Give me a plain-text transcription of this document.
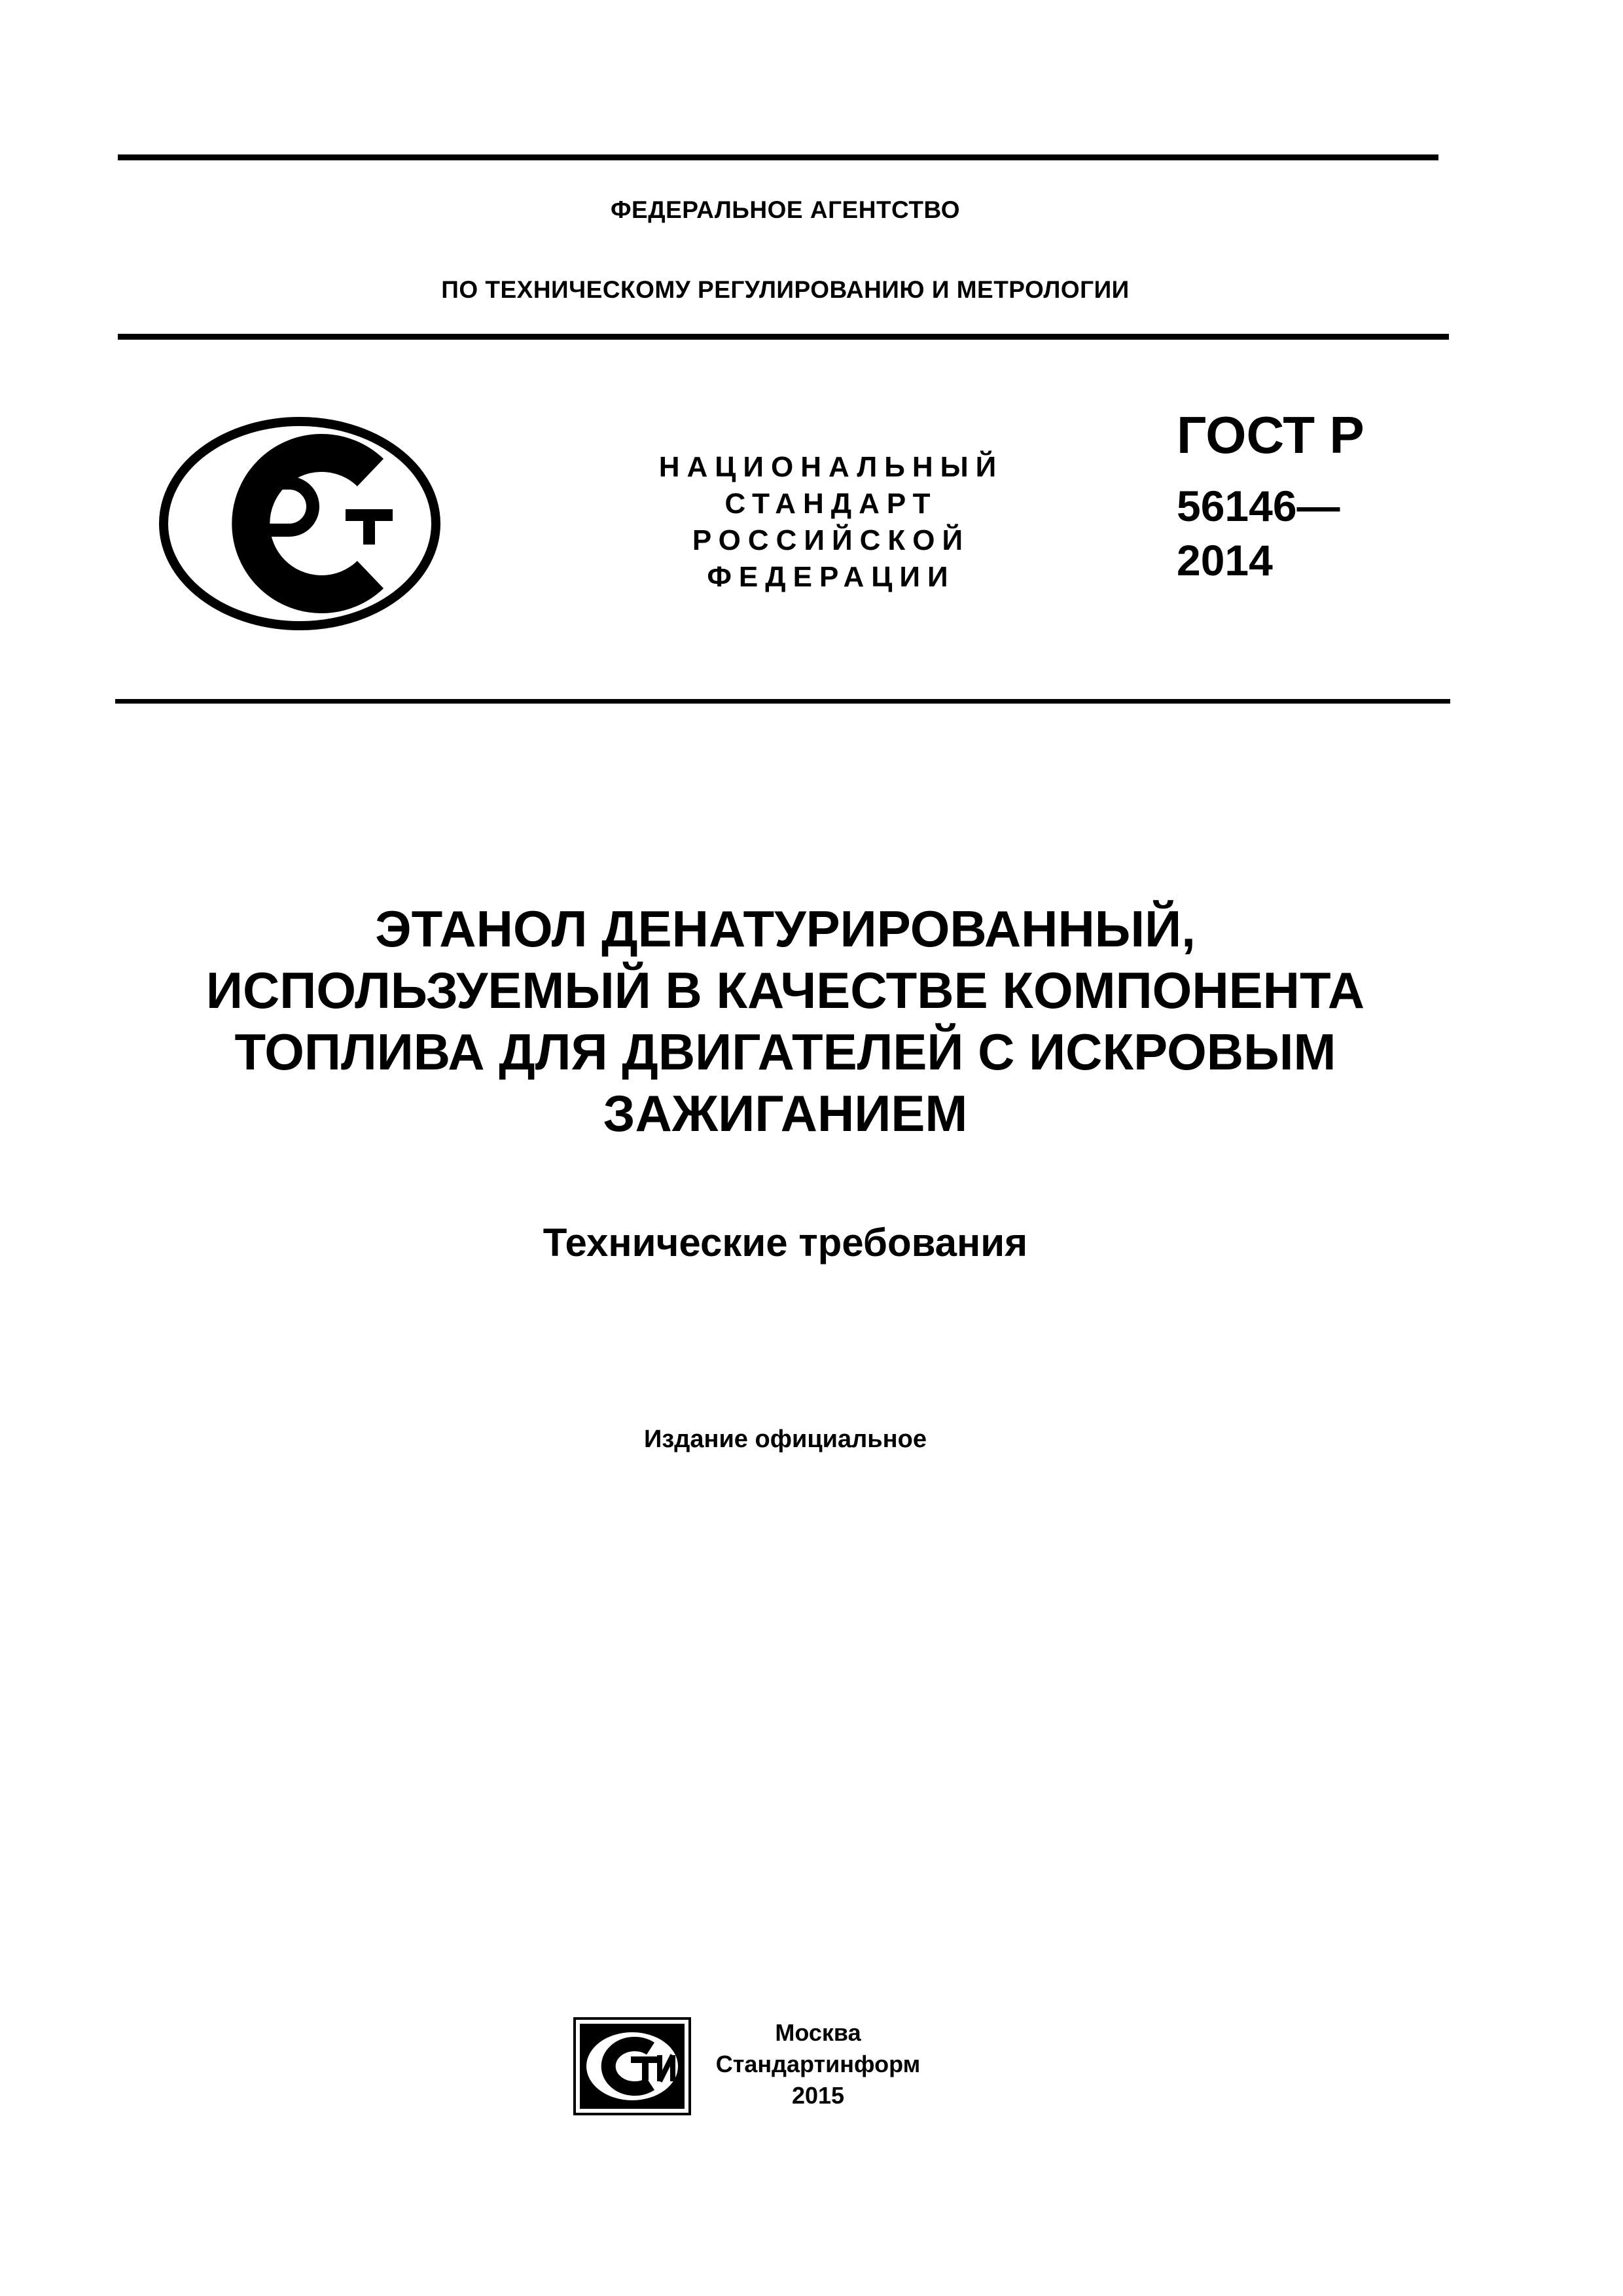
ФЕДЕРАЛЬНОЕ АГЕНТСТВО
ПО ТЕХНИЧЕСКОМУ РЕГУЛИРОВАНИЮ И МЕТРОЛОГИИ
НАЦИОНАЛЬНЫЙ
СТАНДАРТ
РОССИЙСКОЙ
ФЕДЕРАЦИИ
ГОСТ Р
56146—
2014
ЭТАНОЛ ДЕНАТУРИРОВАННЫЙ,
ИСПОЛЬЗУЕМЫЙ В КАЧЕСТВЕ КОМПОНЕНТА
ТОПЛИВА ДЛЯ ДВИГАТЕЛЕЙ С ИСКРОВЫМ
ЗАЖИГАНИЕМ
Технические требования
Издание официальное
Москва
Стандартинформ
2015
